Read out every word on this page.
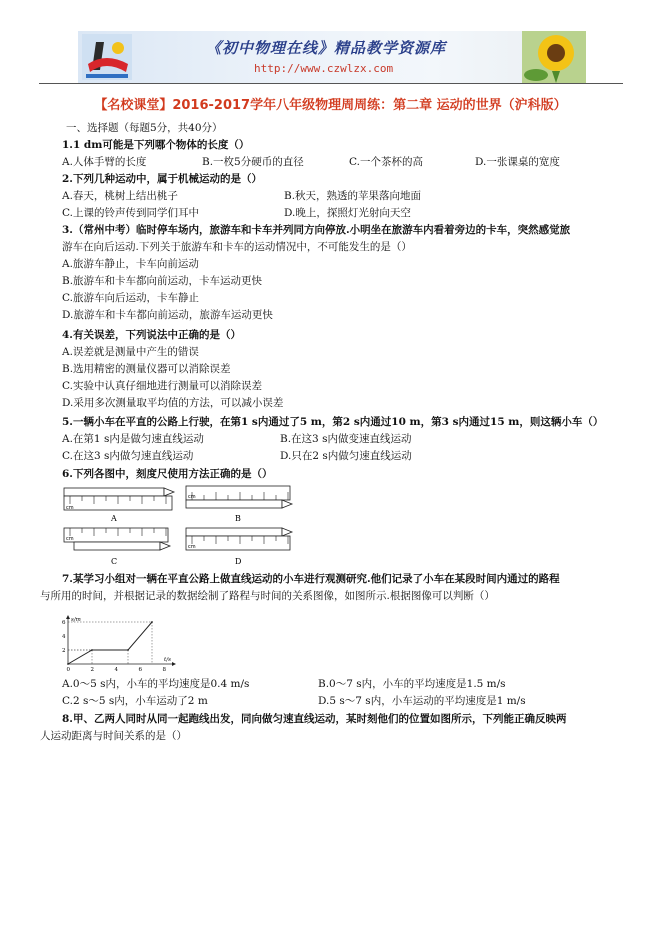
《初中物理在线》精品教学资源库
http://www.czwlzx.com
【名校课堂】2016-2017学年八年级物理周周练：第二章 运动的世界（沪科版）
一、选择题（每题5分，共40分）
1.1 dm可能是下列哪个物体的长度（）
A.人体手臂的长度	B.一枚5分硬币的直径	C.一个茶杯的高	D.一张课桌的宽度
2.下列几种运动中，属于机械运动的是（）
A.春天，桃树上结出桃子	B.秋天，熟透的苹果落向地面
C.上课的铃声传到同学们耳中	D.晚上，探照灯光射向天空
3.（常州中考）临时停车场内，旅游车和卡车并列同方向停放.小明坐在旅游车内看着旁边的卡车，突然感觉旅
游车在向后运动.下列关于旅游车和卡车的运动情况中，不可能发生的是（）
A.旅游车静止，卡车向前运动
B.旅游车和卡车都向前运动，卡车运动更快
C.旅游车向后运动，卡车静止
D.旅游车和卡车都向前运动，旅游车运动更快
4.有关误差，下列说法中正确的是（）
A.误差就是测量中产生的错误
B.选用精密的测量仪器可以消除误差
C.实验中认真仔细地进行测量可以消除误差
D.采用多次测量取平均值的方法，可以减小误差
5.一辆小车在平直的公路上行驶，在第1 s内通过了5 m，第2 s内通过10 m，第3 s内通过15 m，则这辆小车（）
A.在第1 s内是做匀速直线运动	B.在这3 s内做变速直线运动
C.在这3 s内做匀速直线运动	D.只在2 s内做匀速直线运动
6.下列各图中，刻度尺使用方法正确的是（）
cm
A
cm
B
cm
C
cm
D
7.某学习小组对一辆在平直公路上做直线运动的小车进行观测研究.他们记录了小车在某段时间内通过的路程
与所用的时间，并根据记录的数据绘制了路程与时间的关系图像，如图所示.根据图像可以判断（）
s/m
t/s
0	2	4	6	8
2
4
6
A.0～5 s内，小车的平均速度是0.4 m/s	B.0～7 s内，小车的平均速度是1.5 m/s
C.2 s～5 s内，小车运动了2 m	D.5 s～7 s内，小车运动的平均速度是1 m/s
8.甲、乙两人同时从同一起跑线出发，同向做匀速直线运动，某时刻他们的位置如图所示，下列能正确反映两
人运动距离与时间关系的是（）
